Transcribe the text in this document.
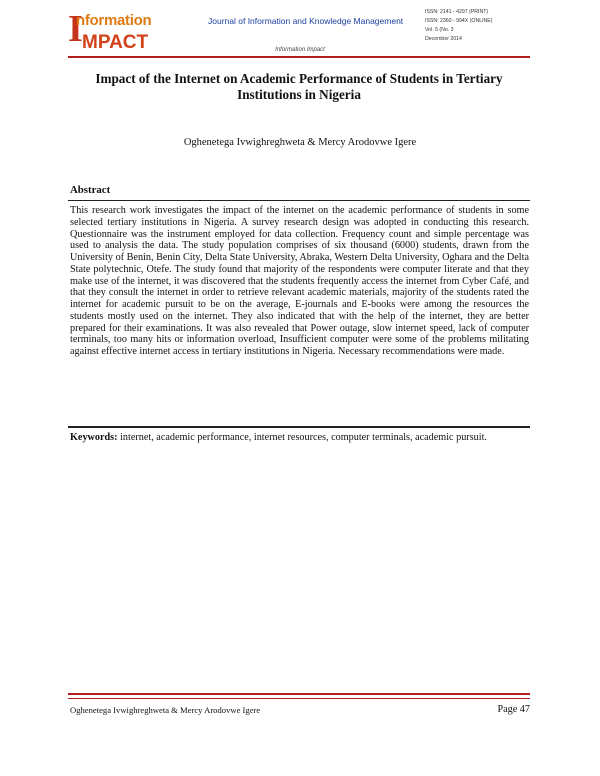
I
nformation
MPACT
Journal of Information and Knowledge Management
ISSN: 2141 - 4297 (PRINT)
ISSN: 2360 - 994X (ONLINE)
Vol. 5 (No. 3
December 2014
Information Impact
Impact of the Internet on Academic Performance of Students in Tertiary Institutions in Nigeria
Oghenetega Ivwighreghweta & Mercy Arodovwe Igere
Abstract
This research work investigates the impact of the internet on the academic performance of students in some selected tertiary institutions in Nigeria. A survey research design was adopted in conducting this research. Questionnaire was the instrument employed for data collection. Frequency count and simple percentage was used to analysis the data. The study population comprises of six thousand (6000) students, drawn from the University of Benin, Benin City, Delta State University, Abraka, Western Delta University, Oghara and the Delta State polytechnic, Otefe. The study found that majority of the respondents were computer literate and that they make use of the internet, it was discovered that the students frequently access the internet from Cyber Café, and that they consult the internet in order to retrieve relevant academic materials, majority of the students rated the internet for academic pursuit to be on the average, E-journals and E-books were among the resources the students mostly used on the internet. They also indicated that with the help of the internet, they are better prepared for their examinations. It was also revealed that Power outage, slow internet speed, lack of computer terminals, too many hits or information overload, Insufficient computer were some of the problems militating against effective internet access in tertiary institutions in Nigeria. Necessary recommendations were made.
Keywords: internet, academic performance, internet resources, computer terminals, academic pursuit.
Oghenetega Ivwighreghweta & Mercy Arodovwe Igere	Page 47
